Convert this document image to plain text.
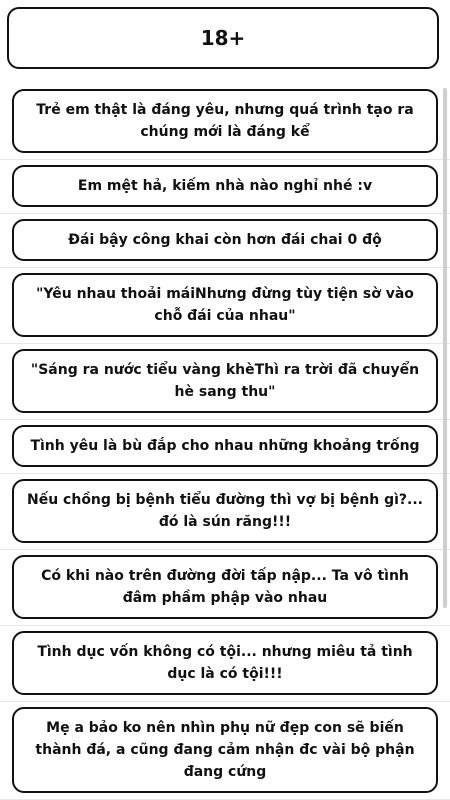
18+
Trẻ em thật là đáng yêu, nhưng quá trình tạo ra chúng mới là đáng kể
Em mệt hả, kiếm nhà nào nghỉ nhé :v
Đái bậy công khai còn hơn đái chai 0 độ
"Yêu nhau thoải máiNhưng đừng tùy tiện sờ vào chỗ đái của nhau"
"Sáng ra nước tiểu vàng khèThì ra trời đã chuyển hè sang thu"
Tình yêu là bù đắp cho nhau những khoảng trống
Nếu chồng bị bệnh tiểu đường thì vợ bị bệnh gì?... đó là sún răng!!!
Có khi nào trên đường đời tấp nập... Ta vô tình đâm phầm phập vào nhau
Tình dục vốn không có tội... nhưng miêu tả tình dục là có tội!!!
Mẹ a bảo ko nên nhìn phụ nữ đẹp con sẽ biến thành đá, a cũng đang cảm nhận đc vài bộ phận đang cứng
